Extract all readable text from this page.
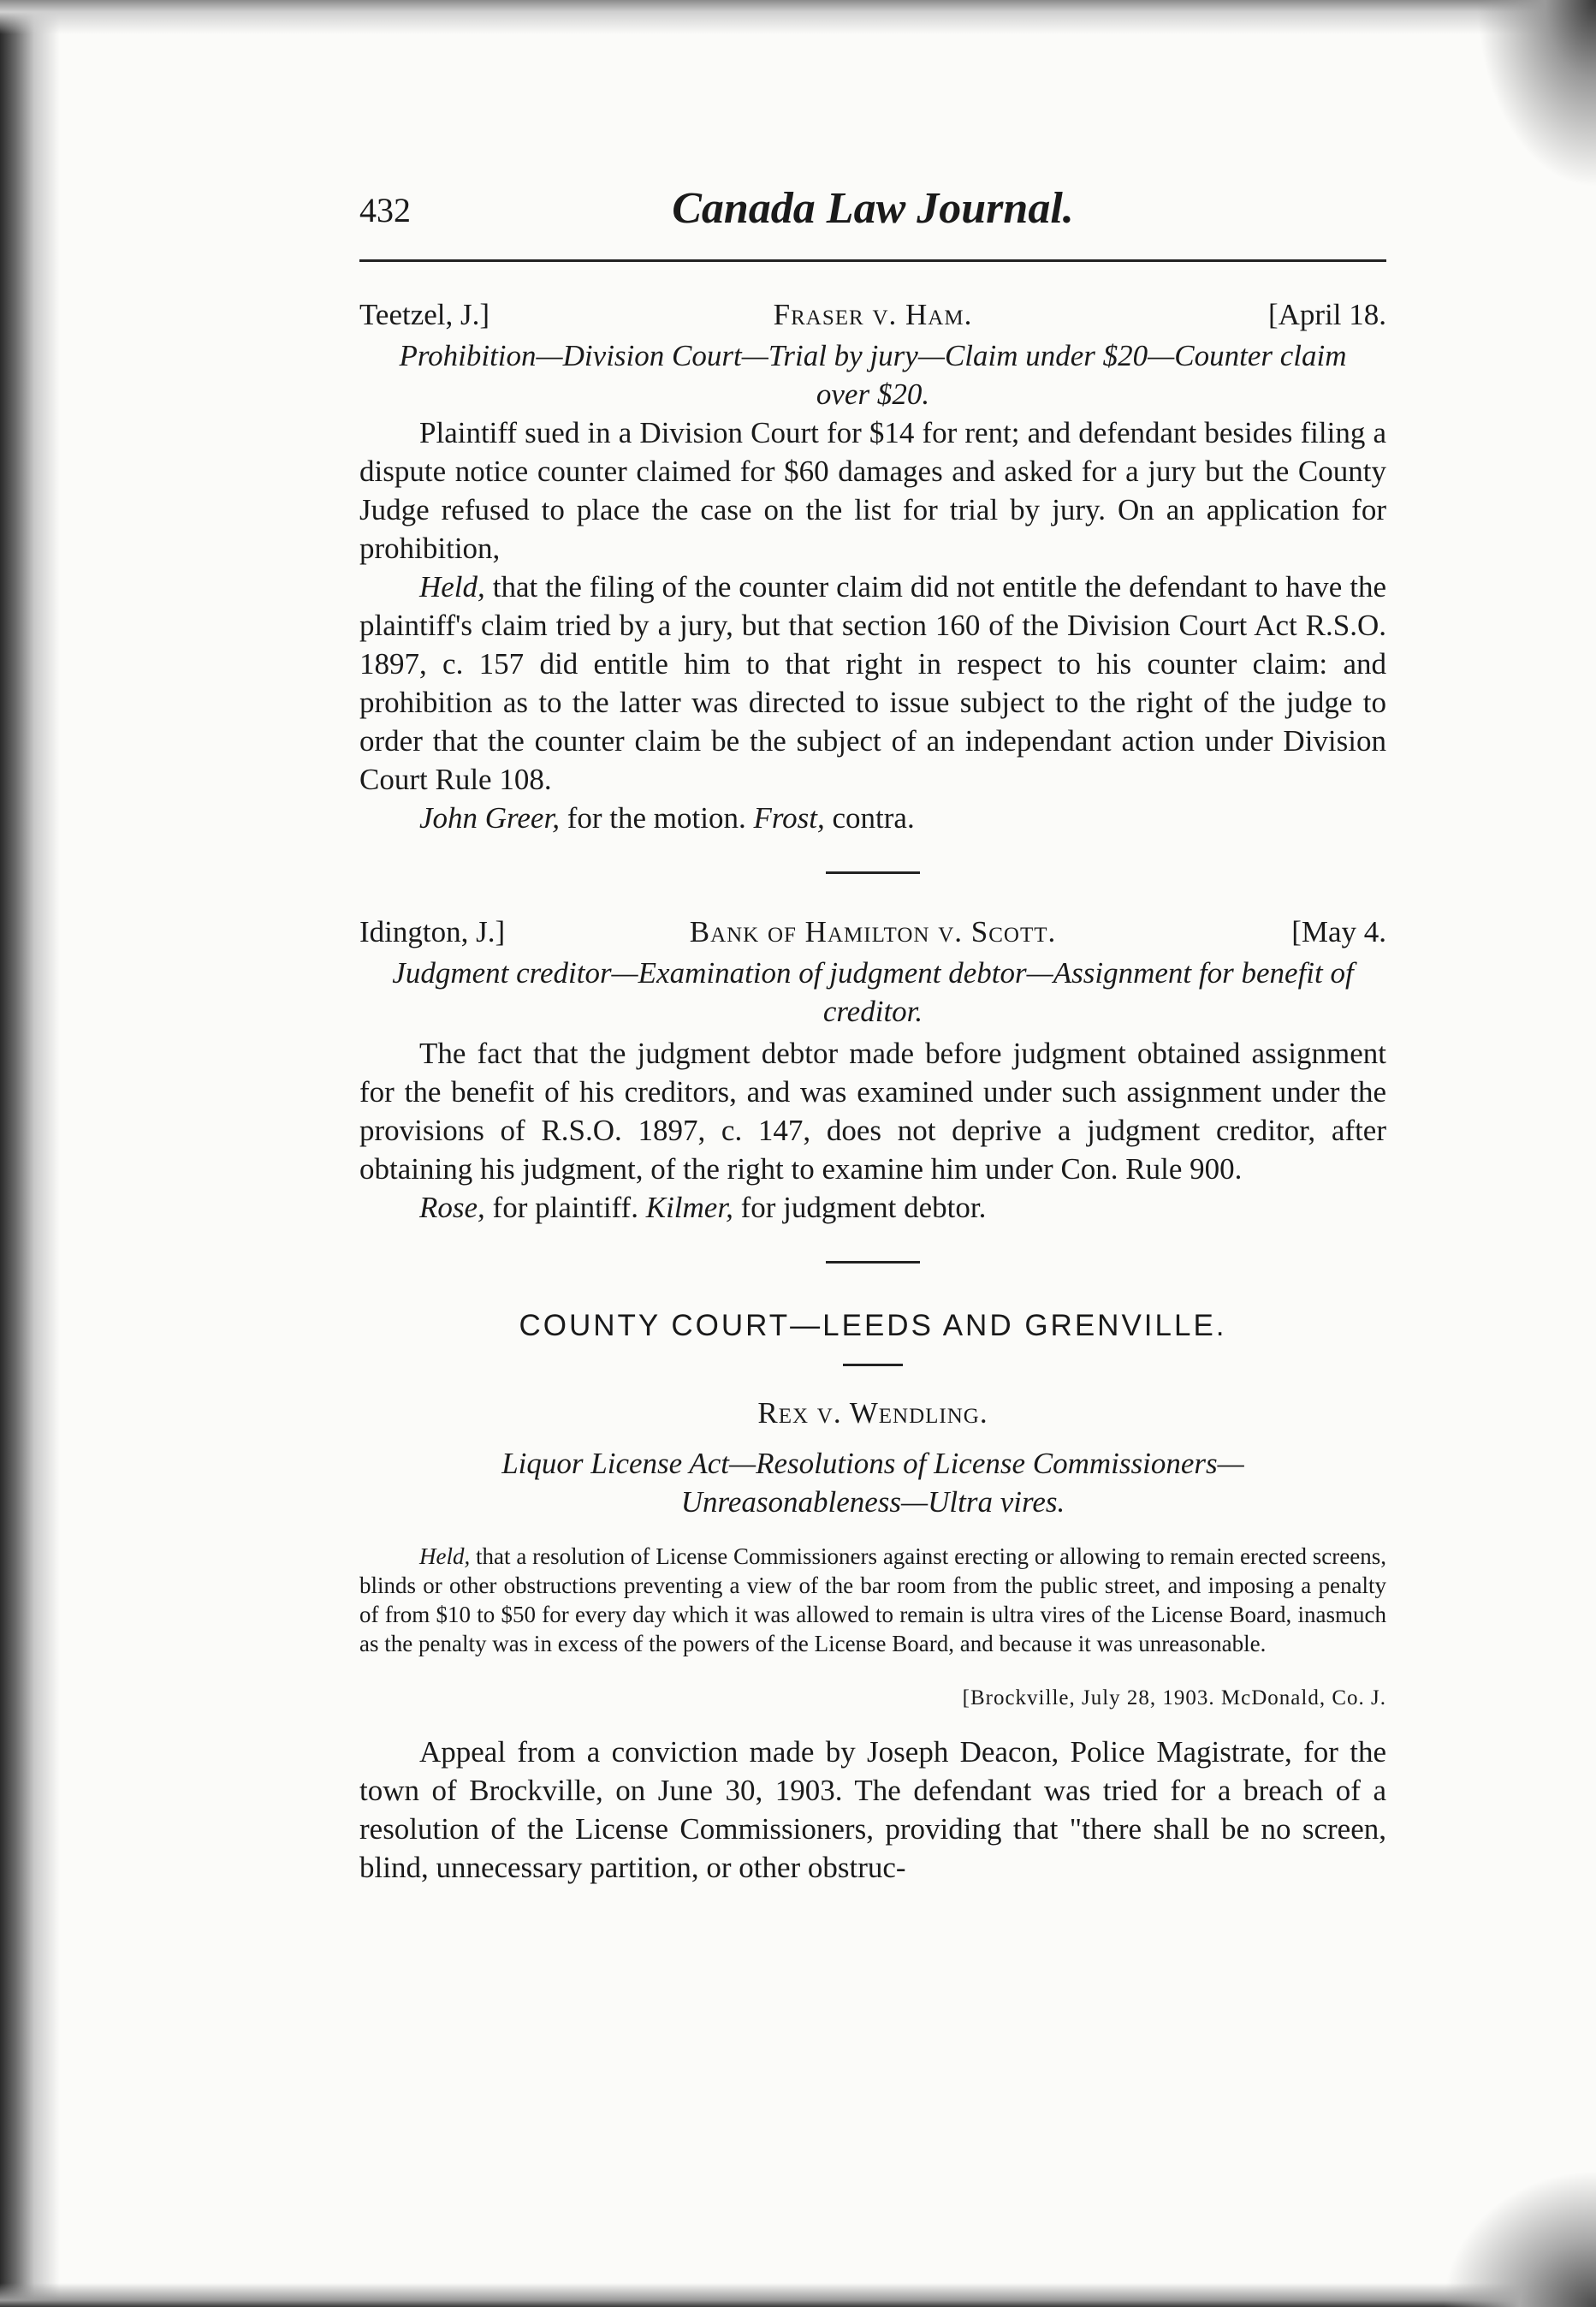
432	Canada Law Journal.
Teetzel, J.]	Fraser v. Ham.	[April 18.

Prohibition—Division Court—Trial by jury—Claim under $20—Counter claim over $20.

Plaintiff sued in a Division Court for $14 for rent; and defendant besides filing a dispute notice counter claimed for $60 damages and asked for a jury but the County Judge refused to place the case on the list for trial by jury. On an application for prohibition,

Held, that the filing of the counter claim did not entitle the defendant to have the plaintiff's claim tried by a jury, but that section 160 of the Division Court Act R.S.O. 1897, c. 157 did entitle him to that right in respect to his counter claim: and prohibition as to the latter was directed to issue subject to the right of the judge to order that the counter claim be the subject of an independant action under Division Court Rule 108.

John Greer, for the motion. Frost, contra.

Idington, J.]	Bank of Hamilton v. Scott.	[May 4.

Judgment creditor—Examination of judgment debtor—Assignment for benefit of creditor.

The fact that the judgment debtor made before judgment obtained assignment for the benefit of his creditors, and was examined under such assignment under the provisions of R.S.O. 1897, c. 147, does not deprive a judgment creditor, after obtaining his judgment, of the right to examine him under Con. Rule 900.

Rose, for plaintiff. Kilmer, for judgment debtor.

COUNTY COURT—LEEDS AND GRENVILLE.

Rex v. Wendling.

Liquor License Act—Resolutions of License Commissioners—Unreasonableness—Ultra vires.

Held, that a resolution of License Commissioners against erecting or allowing to remain erected screens, blinds or other obstructions preventing a view of the bar room from the public street, and imposing a penalty of from $10 to $50 for every day which it was allowed to remain is ultra vires of the License Board, inasmuch as the penalty was in excess of the powers of the License Board, and because it was unreasonable.

[Brockville, July 28, 1903. McDonald, Co. J.

Appeal from a conviction made by Joseph Deacon, Police Magistrate, for the town of Brockville, on June 30, 1903. The defendant was tried for a breach of a resolution of the License Commissioners, providing that "there shall be no screen, blind, unnecessary partition, or other obstruc-
